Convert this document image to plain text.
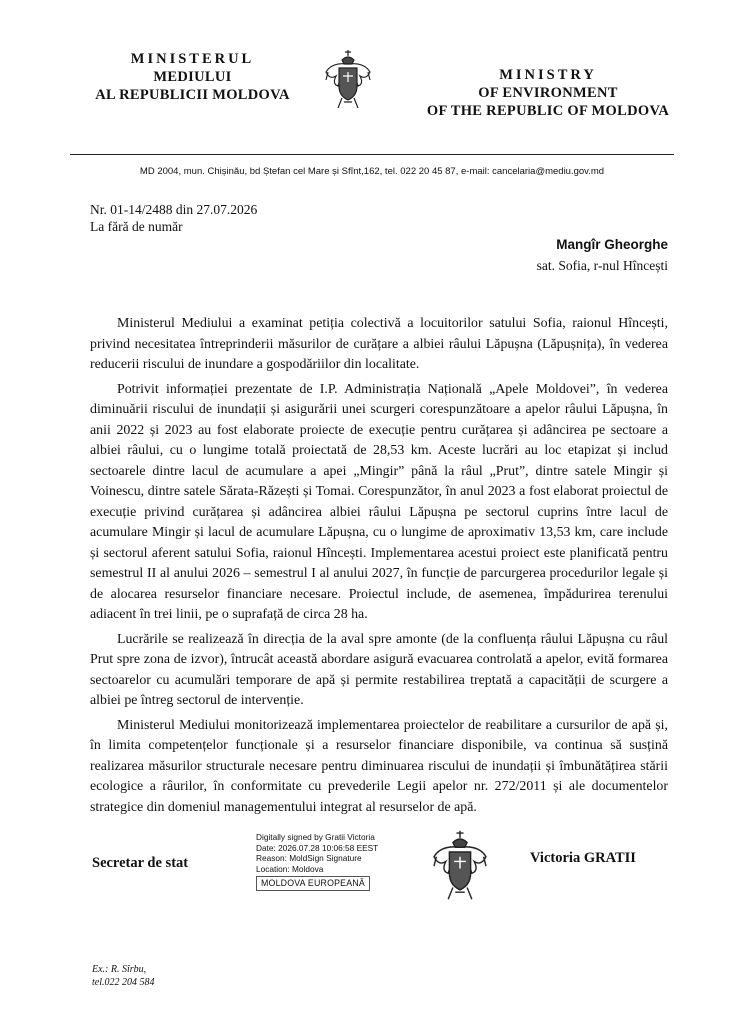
MINISTERUL
MEDIULUI
AL REPUBLICII MOLDOVA
MINISTRY
OF ENVIRONMENT
OF THE REPUBLIC OF MOLDOVA
MD 2004, mun. Chișinău, bd Ștefan cel Mare și Sfînt,162, tel. 022 20 45 87, e-mail: cancelaria@mediu.gov.md
Nr. 01-14/2488 din 27.07.2026
La fără de număr
Mangîr Gheorghe
sat. Sofia, r-nul Hîncești

Ministerul Mediului a examinat petiția colectivă a locuitorilor satului Sofia, raionul Hîncești, privind necesitatea întreprinderii măsurilor de curățare a albiei râului Lăpușna (Lăpușnița), în vederea reducerii riscului de inundare a gospodăriilor din localitate.

Potrivit informației prezentate de I.P. Administrația Națională „Apele Moldovei”, în vederea diminuării riscului de inundații și asigurării unei scurgeri corespunzătoare a apelor râului Lăpușna, în anii 2022 și 2023 au fost elaborate proiecte de execuție pentru curățarea și adâncirea pe sectoare a albiei râului, cu o lungime totală proiectată de 28,53 km. Aceste lucrări au loc etapizat și includ sectoarele dintre lacul de acumulare a apei „Mingir” până la râul „Prut”, dintre satele Mingir și Voinescu, dintre satele Sărata-Răzești și Tomai. Corespunzător, în anul 2023 a fost elaborat proiectul de execuție privind curățarea și adâncirea albiei râului Lăpușna pe sectorul cuprins între lacul de acumulare Mingir și lacul de acumulare Lăpușna, cu o lungime de aproximativ 13,53 km, care include și sectorul aferent satului Sofia, raionul Hîncești. Implementarea acestui proiect este planificată pentru semestrul II al anului 2026 – semestrul I al anului 2027, în funcție de parcurgerea procedurilor legale și de alocarea resurselor financiare necesare. Proiectul include, de asemenea, împădurirea terenului adiacent în trei linii, pe o suprafață de circa 28 ha.

Lucrările se realizează în direcția de la aval spre amonte (de la confluența râului Lăpușna cu râul Prut spre zona de izvor), întrucât această abordare asigură evacuarea controlată a apelor, evită formarea sectoarelor cu acumulări temporare de apă și permite restabilirea treptată a capacității de scurgere a albiei pe întreg sectorul de intervenție.

Ministerul Mediului monitorizează implementarea proiectelor de reabilitare a cursurilor de apă și, în limita competențelor funcționale și a resurselor financiare disponibile, va continua să susțină realizarea măsurilor structurale necesare pentru diminuarea riscului de inundații și îmbunătățirea stării ecologice a râurilor, în conformitate cu prevederile Legii apelor nr. 272/2011 și ale documentelor strategice din domeniul managementului integrat al resurselor de apă.

Secretar de stat
Digitally signed by Gratii Victoria
Date: 2026.07.28 10:06:58 EEST
Reason: MoldSign Signature
Location: Moldova
MOLDOVA EUROPEANĂ
Victoria GRATII
Ex.: R. Sîrbu,
tel.022 204 584
